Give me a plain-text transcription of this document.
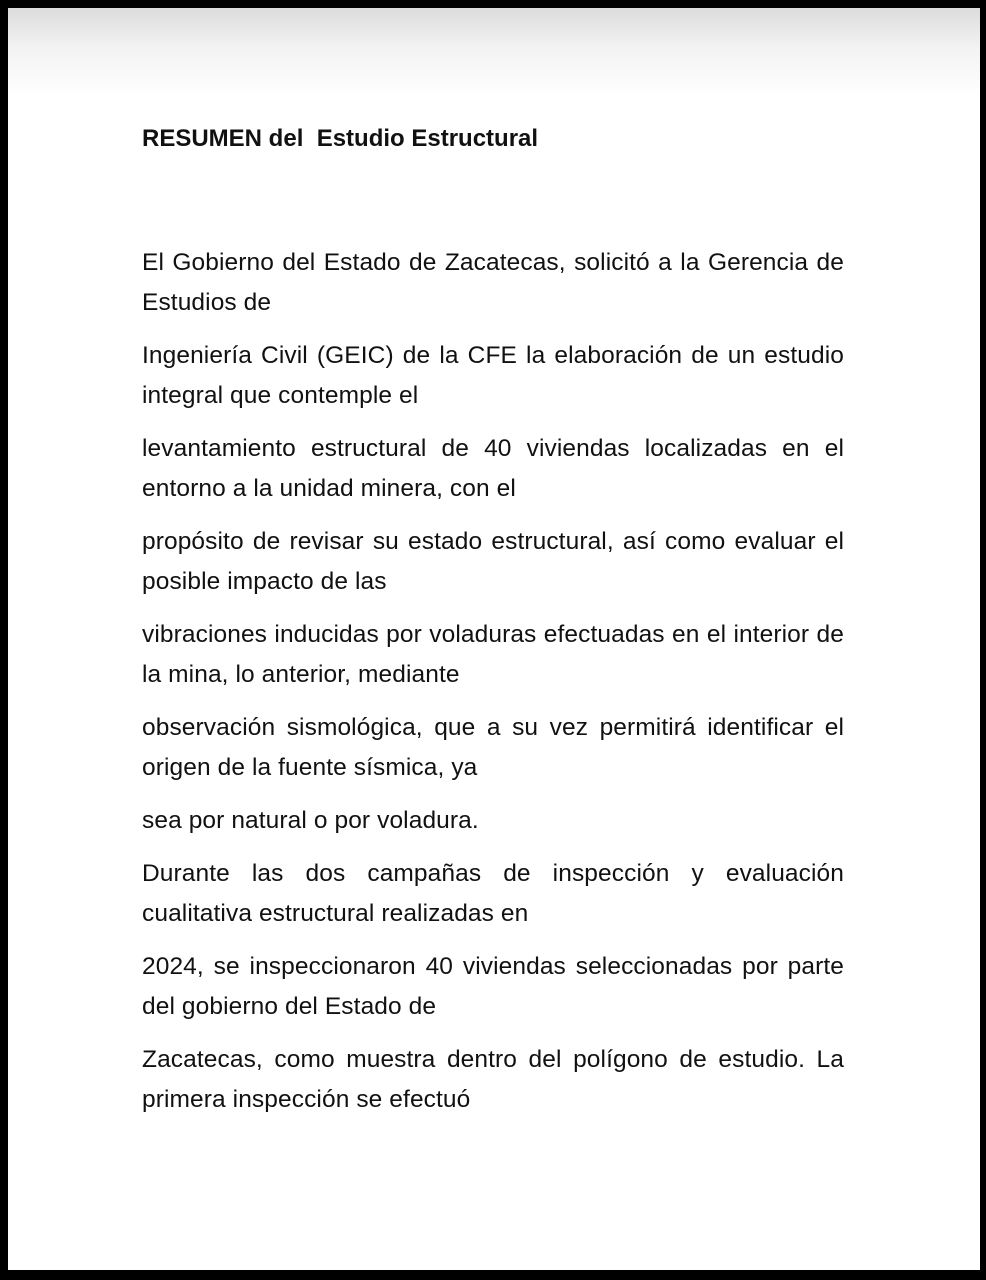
RESUMEN del  Estudio Estructural

El Gobierno del Estado de Zacatecas, solicitó a la Gerencia de Estudios de

Ingeniería Civil (GEIC) de la CFE la elaboración de un estudio integral que contemple el

levantamiento estructural de 40 viviendas localizadas en el entorno a la unidad minera, con el

propósito de revisar su estado estructural, así como evaluar el posible impacto de las

vibraciones inducidas por voladuras efectuadas en el interior de la mina, lo anterior, mediante

observación sismológica, que a su vez permitirá identificar el origen de la fuente sísmica, ya

sea por natural o por voladura.

Durante las dos campañas de inspección y evaluación cualitativa estructural realizadas en

2024, se inspeccionaron 40 viviendas seleccionadas por parte del gobierno del Estado de

Zacatecas, como muestra dentro del polígono de estudio. La primera inspección se efectuó
